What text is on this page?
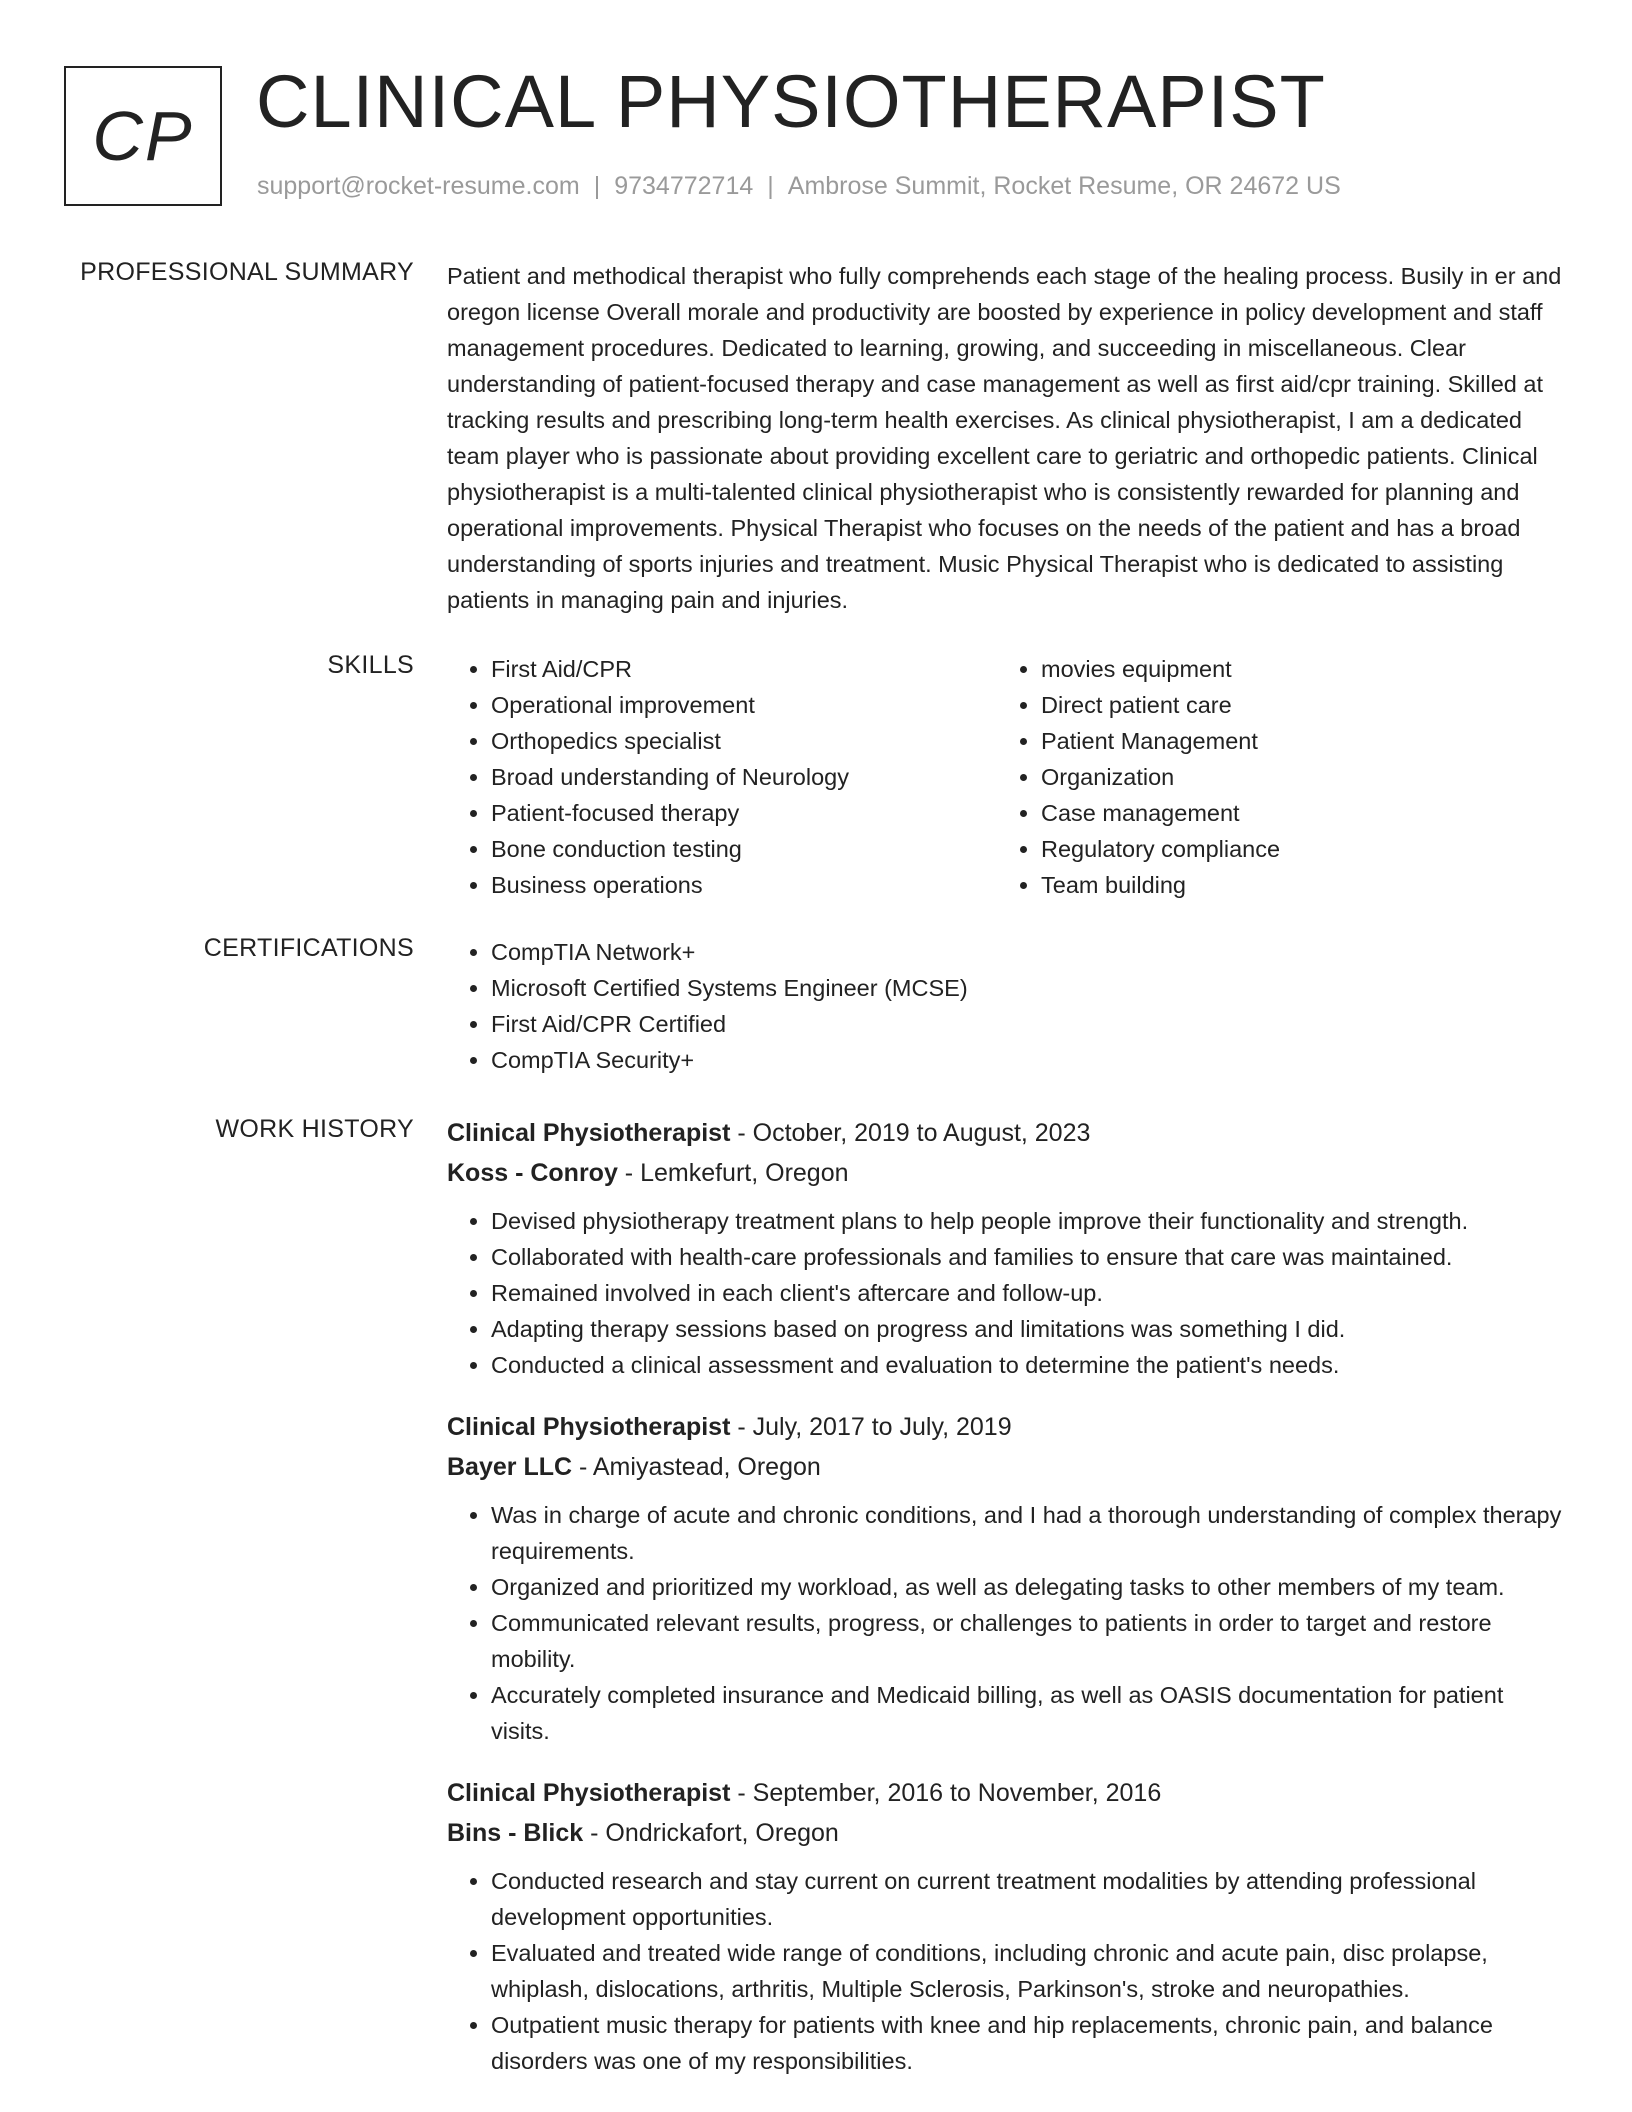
CP CLINICAL PHYSIOTHERAPIST
support@rocket-resume.com | 9734772714 | Ambrose Summit, Rocket Resume, OR 24672 US
PROFESSIONAL SUMMARY Patient and methodical therapist who fully comprehends each stage of the healing process. Busily in er and oregon license Overall morale and productivity are boosted by experience in policy development and staff management procedures. Dedicated to learning, growing, and succeeding in miscellaneous. Clear understanding of patient-focused therapy and case management as well as first aid/cpr training. Skilled at tracking results and prescribing long-term health exercises. As clinical physiotherapist, I am a dedicated team player who is passionate about providing excellent care to geriatric and orthopedic patients. Clinical physiotherapist is a multi-talented clinical physiotherapist who is consistently rewarded for planning and operational improvements. Physical Therapist who focuses on the needs of the patient and has a broad understanding of sports injuries and treatment. Music Physical Therapist who is dedicated to assisting patients in managing pain and injuries.

SKILLS	• First Aid/CPR
• Operational improvement
• Orthopedics specialist
• Broad understanding of Neurology
• Patient-focused therapy
• Bone conduction testing
• Business operations
• movies equipment
• Direct patient care
• Patient Management
• Organization
• Case management
• Regulatory compliance
• Team building
CERTIFICATIONS	• CompTIA Network+
• Microsoft Certified Systems Engineer (MCSE)
• First Aid/CPR Certified
• CompTIA Security+
WORK HISTORY Clinical Physiotherapist - October, 2019 to August, 2023
Koss - Conroy - Lemkefurt, Oregon
• Devised physiotherapy treatment plans to help people improve their functionality and strength.
• Collaborated with health-care professionals and families to ensure that care was maintained.
• Remained involved in each client's aftercare and follow-up.
• Adapting therapy sessions based on progress and limitations was something I did.
• Conducted a clinical assessment and evaluation to determine the patient's needs.
Clinical Physiotherapist - July, 2017 to July, 2019
Bayer LLC - Amiyastead, Oregon
• Was in charge of acute and chronic conditions, and I had a thorough understanding of complex therapy requirements.
• Organized and prioritized my workload, as well as delegating tasks to other members of my team.
• Communicated relevant results, progress, or challenges to patients in order to target and restore mobility.
• Accurately completed insurance and Medicaid billing, as well as OASIS documentation for patient visits.
Clinical Physiotherapist - September, 2016 to November, 2016
Bins - Blick - Ondrickafort, Oregon
• Conducted research and stay current on current treatment modalities by attending professional development opportunities.
• Evaluated and treated wide range of conditions, including chronic and acute pain, disc prolapse, whiplash, dislocations, arthritis, Multiple Sclerosis, Parkinson's, stroke and neuropathies.
• Outpatient music therapy for patients with knee and hip replacements, chronic pain, and balance disorders was one of my responsibilities.
